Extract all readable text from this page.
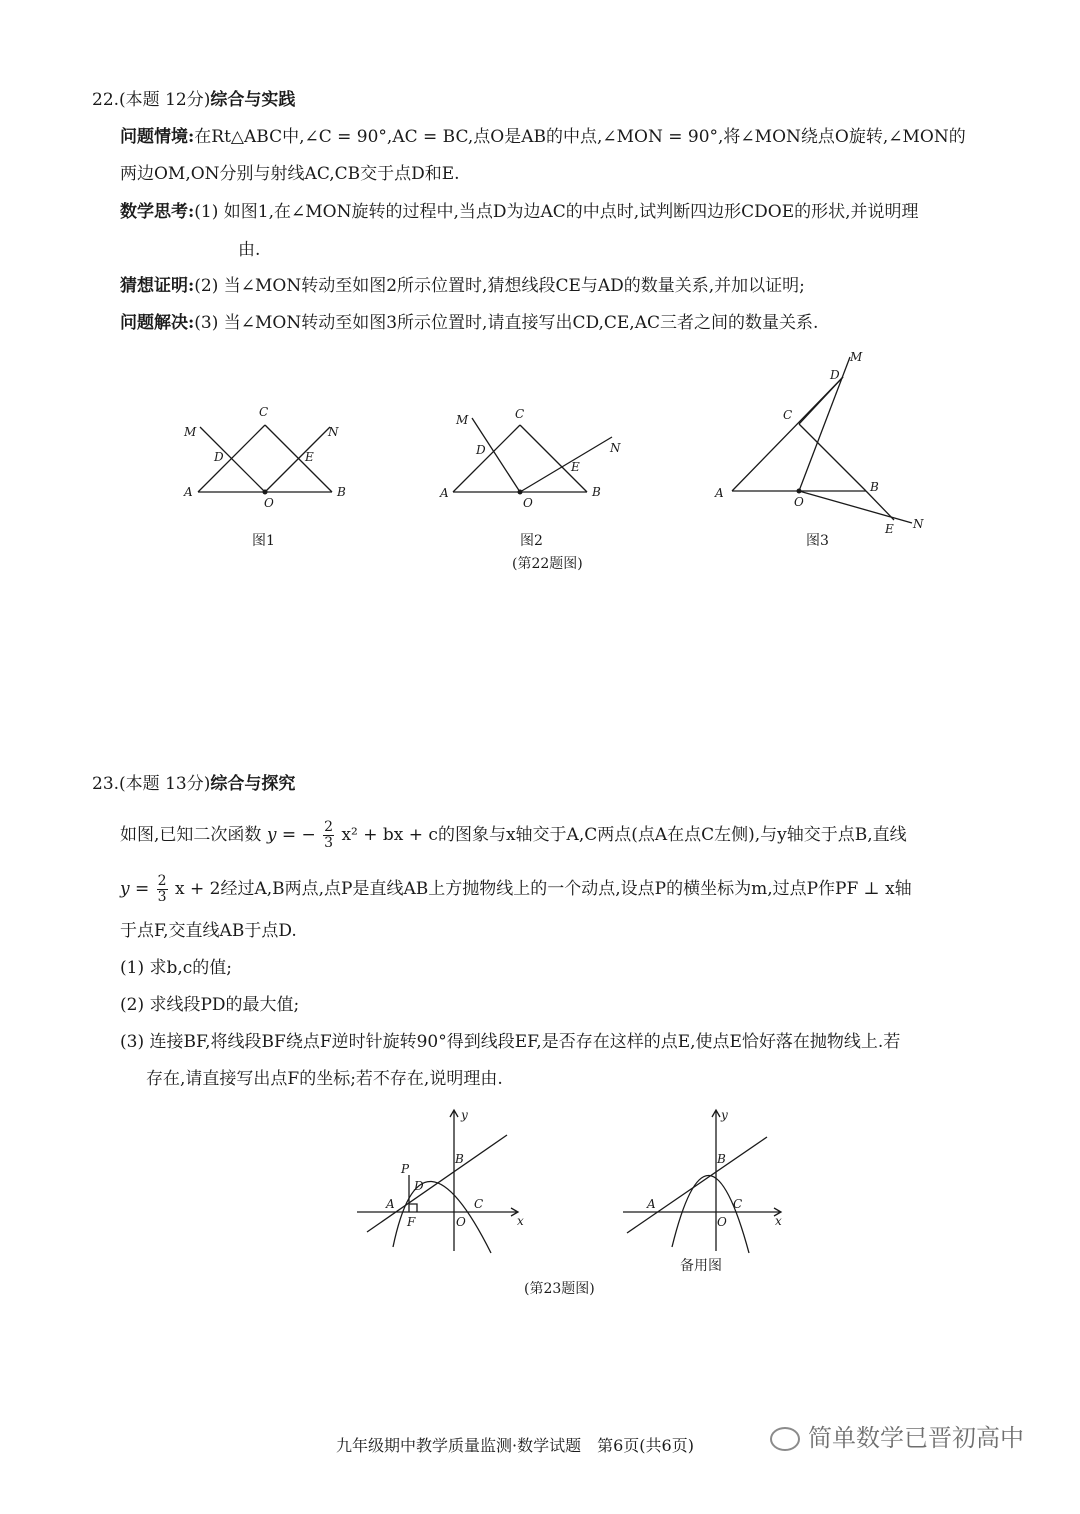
22.(本题 12分)综合与实践
问题情境:在Rt△ABC中,∠C = 90°,AC = BC,点O是AB的中点,∠MON = 90°,将∠MON绕点O旋转,∠MON的
两边OM,ON分别与射线AC,CB交于点D和E.
数学思考:(1) 如图1,在∠MON旋转的过程中,当点D为边AC的中点时,试判断四边形CDOE的形状,并说明理
由.
猜想证明:(2) 当∠MON转动至如图2所示位置时,猜想线段CE与AD的数量关系,并加以证明;
问题解决:(3) 当∠MON转动至如图3所示位置时,请直接写出CD,CE,AC三者之间的数量关系.
A	B
C
D	E
O
M	N
图1
A	B
C
D
E
O
M
N
图2
A	B
C
D
E
O
M
N
图3
(第22题图)
23.(本题 13分)综合与探究
如图,已知二次函数 y = − $\frac{2}{3} x^2$ + bx + c的图象与x轴交于A,C两点(点A在点C左侧),与y轴交于点B,直线
$y = \frac{2}{3}$ x + 2经过A,B两点,点P是直线AB上方抛物线上的一个动点,设点P的横坐标为m,过点P作PF ⊥ x轴
于点F,交直线AB于点D.
(1) 求b,c的值;
(2) 求线段PD的最大值;
(3) 连接BF,将线段BF绕点F逆时针旋转90°得到线段EF,是否存在这样的点E,使点E恰好落在抛物线上.若
存在,请直接写出点F的坐标;若不存在,说明理由.
y
x
B
P
D
A	C
F	O
y
x
B
A	C
O
备用图
(第23题图)
九年级期中教学质量监测·数学试题　第6页(共6页)	简单数学已晋初高中
